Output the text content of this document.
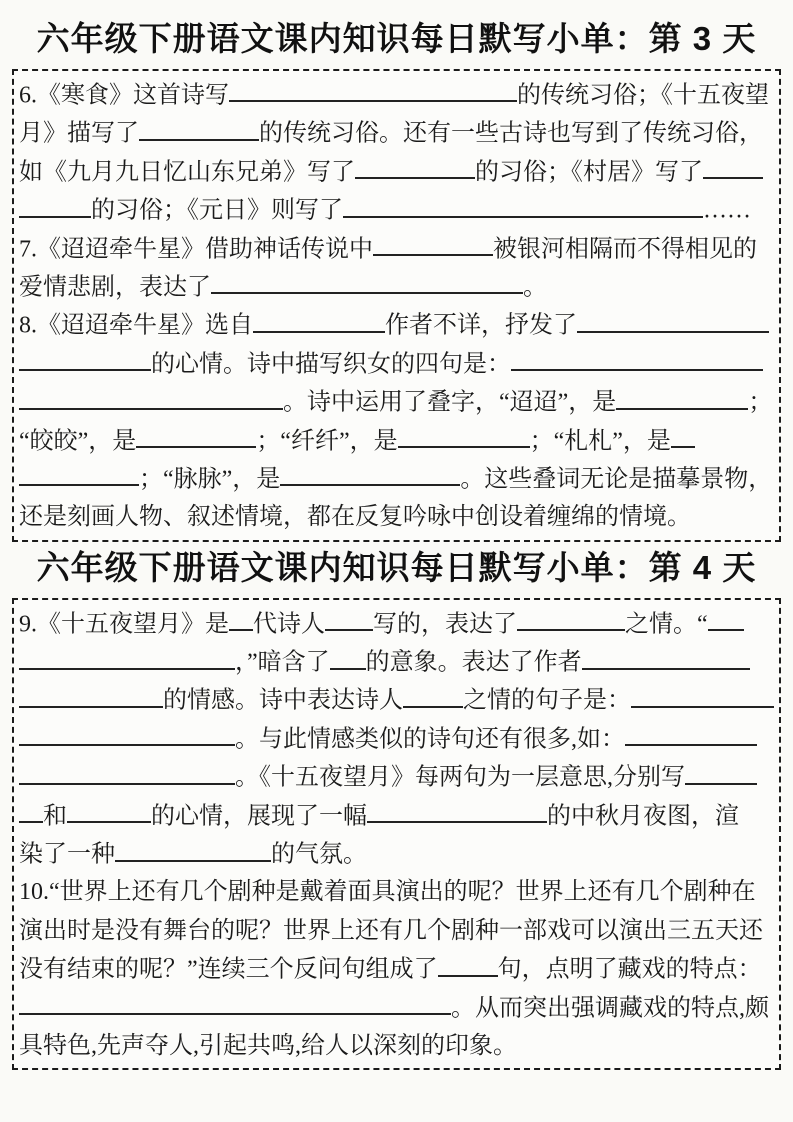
六年级下册语文课内知识每日默写小单：第 3 天
6.《寒食》这首诗写	的传统习俗；《十五夜望
月》描写了	的传统习俗。还有一些古诗也写到了传统习俗，
如《九月九日忆山东兄弟》写了	的习俗；《村居》写了
的习俗；《元日》则写了	……
7.《迢迢牵牛星》借助神话传说中	被银河相隔而不得相见的
爱情悲剧，表达了	。
8.《迢迢牵牛星》选自	作者不详，抒发了
的心情。诗中描写织女的四句是：
。诗中运用了叠字，“迢迢”，是	；
“皎皎”，是	；“纤纤”，是	；“札札”，是
；“脉脉”，是	。这些叠词无论是描摹景物，
还是刻画人物、叙述情境，都在反复吟咏中创设着缠绵的情境。
六年级下册语文课内知识每日默写小单：第 4 天
9.《十五夜望月》是 代诗人 写的，表达了	之情。“
，”暗含了 的意象。表达了作者
的情感。诗中表达诗人	之情的句子是：
。与此情感类似的诗句还有很多,如：
。《十五夜望月》每两句为一层意思,分别写
和	的心情，展现了一幅	的中秋月夜图，渲
染了一种	的气氛。
10.“世界上还有几个剧种是戴着面具演出的呢？世界上还有几个剧种在
演出时是没有舞台的呢？世界上还有几个剧种一部戏可以演出三五天还
没有结束的呢？”连续三个反问句组成了	句，点明了藏戏的特点：
。从而突出强调藏戏的特点,颇
具特色,先声夺人,引起共鸣,给人以深刻的印象。
